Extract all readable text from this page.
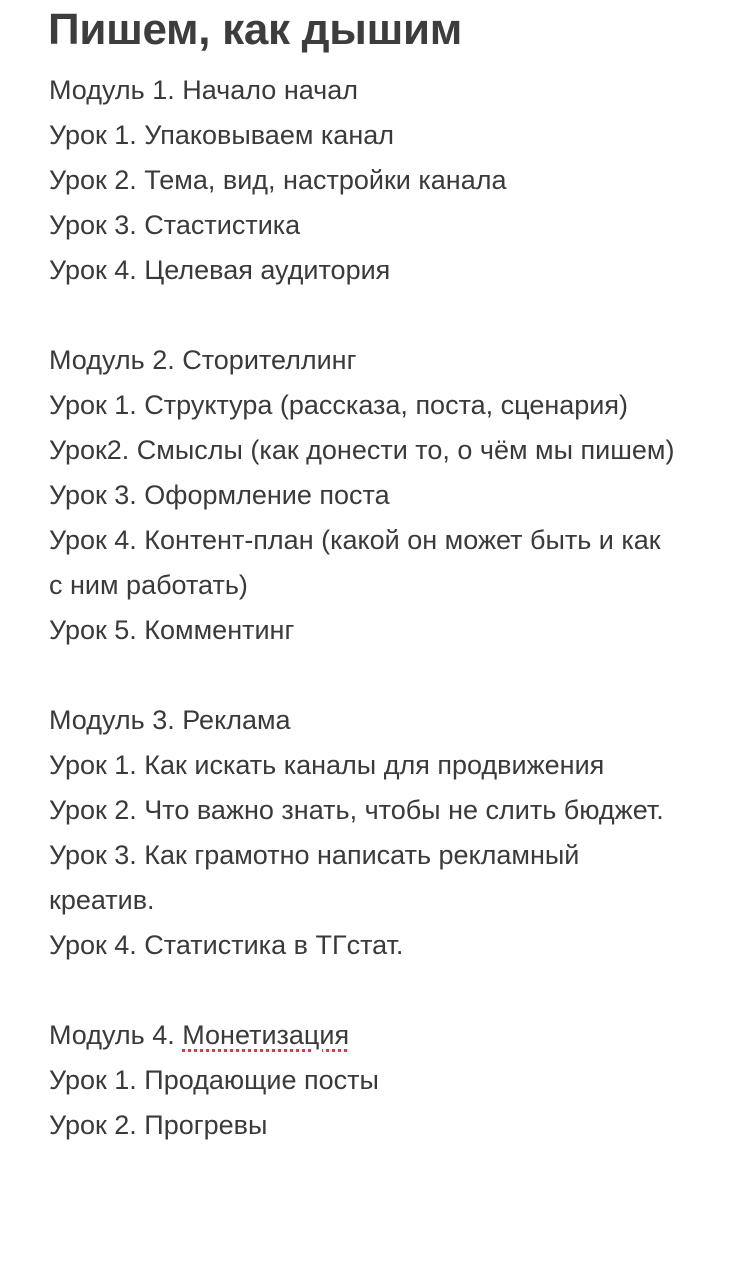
Пишем, как дышим

Модуль 1. Начало начал

Урок 1. Упаковываем канал

Урок 2. Тема, вид, настройки канала

Урок 3. Стастистика

Урок 4. Целевая аудитория

Модуль 2. Сторителлинг

Урок 1. Структура (рассказа, поста, сценария)

Урок2. Смыслы (как донести то, о чём мы пишем)

Урок 3. Оформление поста

Урок 4. Контент-план (какой он может быть и как с ним работать)

Урок 5. Комментинг

Модуль 3. Реклама

Урок 1. Как искать каналы для продвижения

Урок 2. Что важно знать, чтобы не слить бюджет.

Урок 3. Как грамотно написать рекламный креатив.

Урок 4. Статистика в ТГстат.

Модуль 4. Монетизация

Урок 1. Продающие посты

Урок 2. Прогревы
